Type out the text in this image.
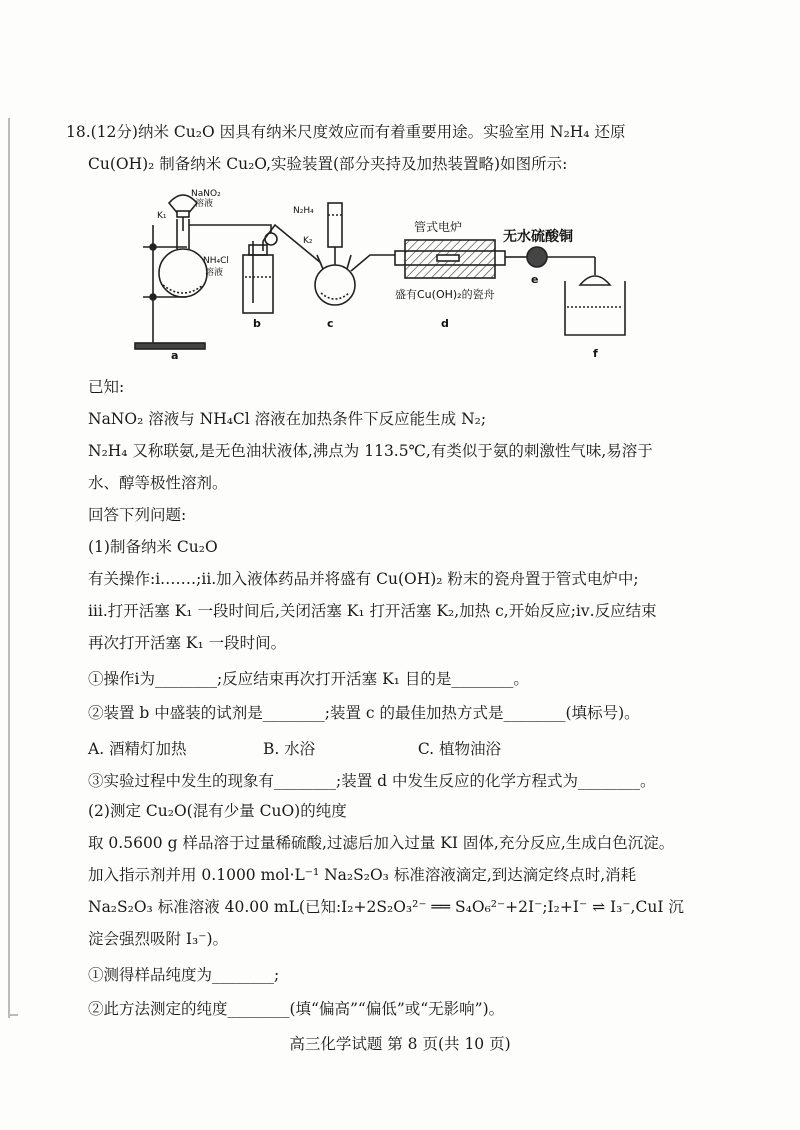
18.(12分)纳米 Cu₂O 因具有纳米尺度效应而有着重要用途。实验室用 N₂H₄ 还原
Cu(OH)₂ 制备纳米 Cu₂O,实验装置(部分夹持及加热装置略)如图所示:
NaNO₂
溶液
K₁
NH₄Cl
溶液
N₂H₄
K₂
管式电炉
无水硫酸铜
盛有Cu(OH)₂的瓷舟
a
b	c	d
e
f
已知:
NaNO₂ 溶液与 NH₄Cl 溶液在加热条件下反应能生成 N₂;
N₂H₄ 又称联氨,是无色油状液体,沸点为 113.5℃,有类似于氨的刺激性气味,易溶于
水、醇等极性溶剂。
回答下列问题:
(1)制备纳米 Cu₂O
有关操作:ⅰ.……;ⅱ.加入液体药品并将盛有 Cu(OH)₂ 粉末的瓷舟置于管式电炉中;
ⅲ.打开活塞 K₁ 一段时间后,关闭活塞 K₁ 打开活塞 K₂,加热 c,开始反应;ⅳ.反应结束
再次打开活塞 K₁ 一段时间。
①操作ⅰ为________;反应结束再次打开活塞 K₁ 目的是________。
②装置 b 中盛装的试剂是________;装置 c 的最佳加热方式是________(填标号)。
A. 酒精灯加热	B. 水浴	C. 植物油浴
③实验过程中发生的现象有________;装置 d 中发生反应的化学方程式为________。
(2)测定 Cu₂O(混有少量 CuO)的纯度
取 0.5600 g 样品溶于过量稀硫酸,过滤后加入过量 KI 固体,充分反应,生成白色沉淀。
加入指示剂并用 0.1000 mol·L⁻¹ Na₂S₂O₃ 标准溶液滴定,到达滴定终点时,消耗
Na₂S₂O₃ 标准溶液 40.00 mL(已知:I₂+2S₂O₃²⁻ ══ S₄O₆²⁻+2I⁻;I₂+I⁻ ⇌ I₃⁻,CuI 沉
淀会强烈吸附 I₃⁻)。
①测得样品纯度为________;
②此方法测定的纯度________(填“偏高”“偏低”或“无影响”)。
高三化学试题 第 8 页(共 10 页)
